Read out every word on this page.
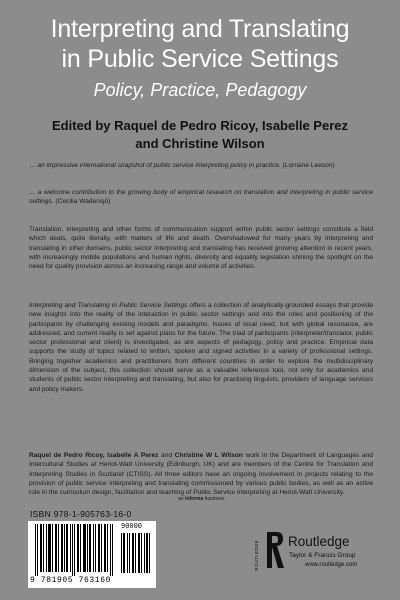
Interpreting and Translating
in Public Service Settings
Policy, Practice, Pedagogy
Edited by Raquel de Pedro Ricoy, Isabelle Perez
and Christine Wilson
… an impressive international snapshot of public service interpreting policy in practice. (Lorraine Leeson)
… a welcome contribution to the growing body of empirical research on translation and interpreting in public service settings. (Cecilia Wadensjö)
Translation, interpreting and other forms of communication support within public sector settings constitute a field which deals, quite literally, with matters of life and death. Overshadowed for many years by interpreting and translating in other domains, public sector interpreting and translating has received growing attention in recent years, with increasingly mobile populations and human rights, diversity and equality legislation shining the spotlight on the need for quality provision across an increasing range and volume of activities.
Interpreting and Translating in Public Service Settings offers a collection of analytically-grounded essays that provide new insights into the reality of the interaction in public sector settings and into the roles and positioning of the participants by challenging existing models and paradigms. Issues of local need, but with global resonance, are addressed, and current reality is set against plans for the future. The triad of participants (interpreter/translator, public sector professional and client) is investigated, as are aspects of pedagogy, policy and practice. Empirical data supports the study of topics related to written, spoken and signed activities in a variety of professional settings. Bringing together academics and practitioners from different countries in order to explore the multidisciplinary dimension of the subject, this collection should serve as a valuable reference tool, not only for academics and students of public sector interpreting and translating, but also for practising linguists, providers of language services and policy makers.
Raquel de Pedro Ricoy, Isabelle A Perez and Christine W L Wilson work in the Department of Languages and Intercultural Studies at Heriot-Watt University (Edinburgh, UK) and are members of the Centre for Translation and Interpreting Studies in Scotland (CTISS). All three editors have an ongoing involvement in projects relating to the provision of public service interpreting and translating commissioned by various public bodies, as well as an active role in the curriculum design, facilitation and teaching of Public Service Interpreting at Heriot-Watt University.
an informa business
ISBN 978-1-905763-16-0
90000
9 781905 763160
ROUTLEDGE Routledge
Taylor & Francis Group
www.routledge.com
